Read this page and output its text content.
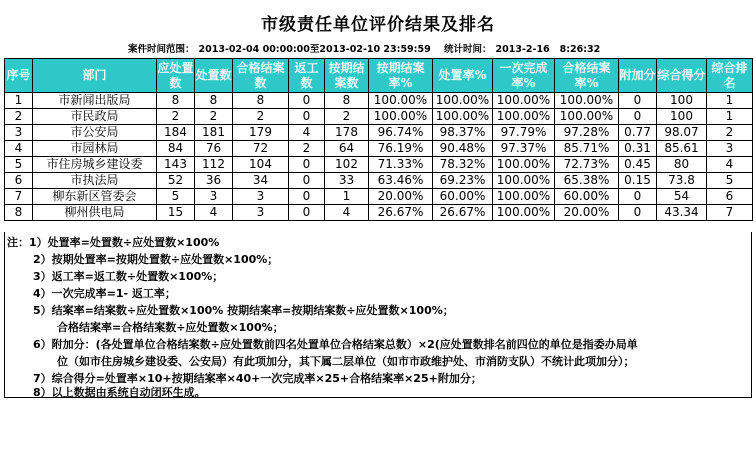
市级责任单位评价结果及排名
案件时间范围： 2013-02-04 00:00:00至2013-02-10 23:59:59 统计时间： 2013-2-16   8:26:32
序号	部门	应处置数	处置数	合格结案数	返工数	按期结案数	按期结案率%	处置率%	一次完成率%	合格结案率%	附加分	综合得分	综合排名
1	市新闻出版局	8	8	8	0	8	100.00%	100.00%	100.00%	100.00%	0	100	1
2	市民政局	2	2	2	0	2	100.00%	100.00%	100.00%	100.00%	0	100	1
3	市公安局	184	181	179	4	178	96.74%	98.37%	97.79%	97.28%	0.77	98.07	2
4	市园林局	84	76	72	2	64	76.19%	90.48%	97.37%	85.71%	0.31	85.61	3
5	市住房城乡建设委	143	112	104	0	102	71.33%	78.32%	100.00%	72.73%	0.45	80	4
6	市执法局	52	36	34	0	33	63.46%	69.23%	100.00%	65.38%	0.15	73.8	5
7	柳东新区管委会	5	3	3	0	1	20.00%	60.00%	100.00%	60.00%	0	54	6
8	柳州供电局	15	4	3	0	4	26.67%	26.67%	100.00%	20.00%	0	43.34	7
注：1）处置率=处置数÷应处置数×100%
2）按期处置率=按期处置数÷应处置数×100%；
3）返工率=返工数÷处置数×100%；
4）一次完成率=1- 返工率；
5）结案率=结案数÷应处置数×100% 按期结案率=按期结案数÷应处置数×100%；
合格结案率=合格结案数÷应处置数×100%；
6）附加分：(各处置单位合格结案数÷应处置数前四名处置单位合格结案总数）×2(应处置数排名前四位的单位是指委办局单
位（如市住房城乡建设委、公安局）有此项加分，其下属二层单位（如市市政维护处、市消防支队）不统计此项加分）；
7）综合得分=处置率×10+按期结案率×40+一次完成率×25+合格结案率×25+附加分；
8）以上数据由系统自动闭环生成。
